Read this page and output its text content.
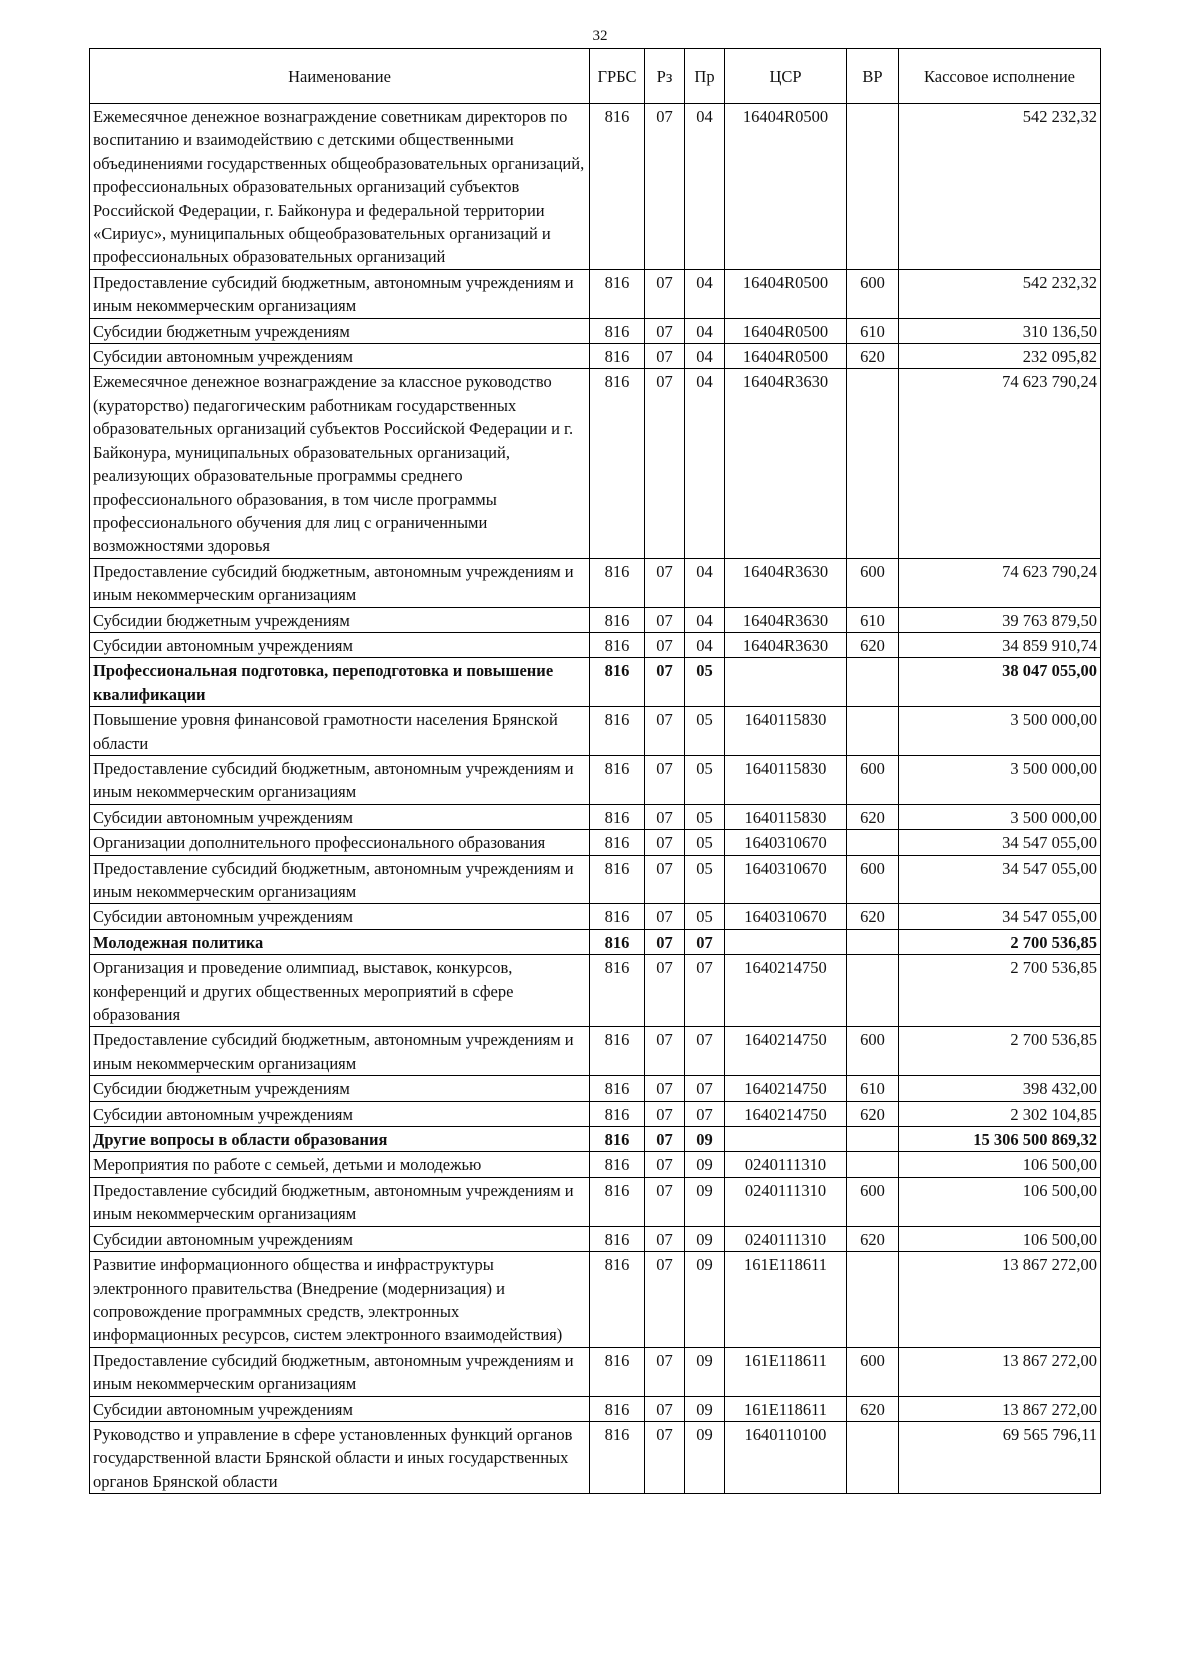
32
Наименование	ГРБС	Рз	Пр	ЦСР	ВР	Кассовое исполнение
Ежемесячное денежное вознаграждение советникам директоров по воспитанию и взаимодействию с детскими общественными объединениями государственных общеобразовательных организаций, профессиональных образовательных организаций субъектов Российской Федерации, г. Байконура и федеральной территории «Сириус», муниципальных общеобразовательных организаций и профессиональных образовательных организаций	816	07	04	16404R0500		542 232,32
Предоставление субсидий бюджетным, автономным учреждениям и иным некоммерческим организациям	816	07	04	16404R0500	600	542 232,32
Субсидии бюджетным учреждениям	816	07	04	16404R0500	610	310 136,50
Субсидии автономным учреждениям	816	07	04	16404R0500	620	232 095,82
Ежемесячное денежное вознаграждение за классное руководство (кураторство) педагогическим работникам государственных образовательных организаций субъектов Российской Федерации и г. Байконура, муниципальных образовательных организаций, реализующих образовательные программы среднего профессионального образования, в том числе программы профессионального обучения для лиц с ограниченными возможностями здоровья	816	07	04	16404R3630		74 623 790,24
Предоставление субсидий бюджетным, автономным учреждениям и иным некоммерческим организациям	816	07	04	16404R3630	600	74 623 790,24
Субсидии бюджетным учреждениям	816	07	04	16404R3630	610	39 763 879,50
Субсидии автономным учреждениям	816	07	04	16404R3630	620	34 859 910,74
Профессиональная подготовка, переподготовка и повышение квалификации	816	07	05			38 047 055,00
Повышение уровня финансовой грамотности населения Брянской области	816	07	05	1640115830		3 500 000,00
Предоставление субсидий бюджетным, автономным учреждениям и иным некоммерческим организациям	816	07	05	1640115830	600	3 500 000,00
Субсидии автономным учреждениям	816	07	05	1640115830	620	3 500 000,00
Организации дополнительного профессионального образования	816	07	05	1640310670		34 547 055,00
Предоставление субсидий бюджетным, автономным учреждениям и иным некоммерческим организациям	816	07	05	1640310670	600	34 547 055,00
Субсидии автономным учреждениям	816	07	05	1640310670	620	34 547 055,00
Молодежная политика	816	07	07			2 700 536,85
Организация и проведение олимпиад, выставок, конкурсов, конференций и других общественных мероприятий в сфере образования	816	07	07	1640214750		2 700 536,85
Предоставление субсидий бюджетным, автономным учреждениям и иным некоммерческим организациям	816	07	07	1640214750	600	2 700 536,85
Субсидии бюджетным учреждениям	816	07	07	1640214750	610	398 432,00
Субсидии автономным учреждениям	816	07	07	1640214750	620	2 302 104,85
Другие вопросы в области образования	816	07	09			15 306 500 869,32
Мероприятия по работе с семьей, детьми и молодежью	816	07	09	0240111310		106 500,00
Предоставление субсидий бюджетным, автономным учреждениям и иным некоммерческим организациям	816	07	09	0240111310	600	106 500,00
Субсидии автономным учреждениям	816	07	09	0240111310	620	106 500,00
Развитие информационного общества и инфраструктуры электронного правительства (Внедрение (модернизация) и сопровождение программных средств, электронных информационных ресурсов, систем электронного взаимодействия)	816	07	09	161E118611		13 867 272,00
Предоставление субсидий бюджетным, автономным учреждениям и иным некоммерческим организациям	816	07	09	161E118611	600	13 867 272,00
Субсидии автономным учреждениям	816	07	09	161E118611	620	13 867 272,00
Руководство и управление в сфере установленных функций органов государственной власти Брянской области и иных государственных органов Брянской области	816	07	09	1640110100		69 565 796,11
